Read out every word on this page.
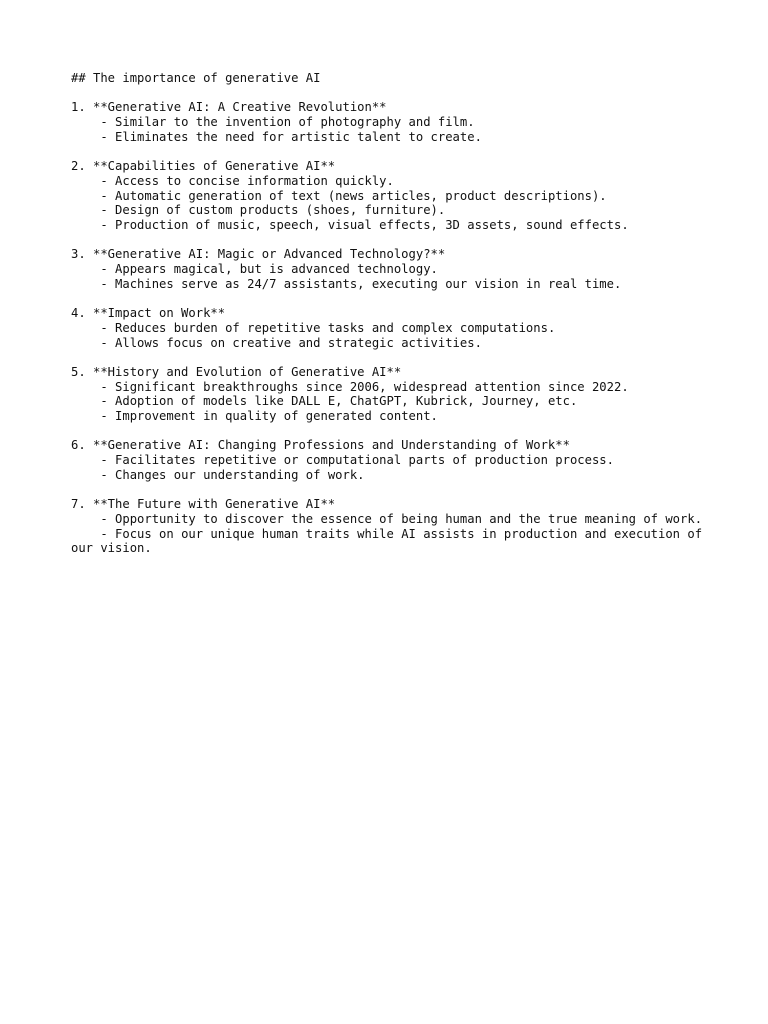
## The importance of generative AI
1. **Generative AI: A Creative Revolution**
- Similar to the invention of photography and film.
- Eliminates the need for artistic talent to create.
2. **Capabilities of Generative AI**
- Access to concise information quickly.
- Automatic generation of text (news articles, product descriptions).
- Design of custom products (shoes, furniture).
- Production of music, speech, visual effects, 3D assets, sound effects.
3. **Generative AI: Magic or Advanced Technology?**
- Appears magical, but is advanced technology.
- Machines serve as 24/7 assistants, executing our vision in real time.
4. **Impact on Work**
- Reduces burden of repetitive tasks and complex computations.
- Allows focus on creative and strategic activities.
5. **History and Evolution of Generative AI**
- Significant breakthroughs since 2006, widespread attention since 2022.
- Adoption of models like DALL E, ChatGPT, Kubrick, Journey, etc.
- Improvement in quality of generated content.
6. **Generative AI: Changing Professions and Understanding of Work**
- Facilitates repetitive or computational parts of production process.
- Changes our understanding of work.
7. **The Future with Generative AI**
- Opportunity to discover the essence of being human and the true meaning of work.
- Focus on our unique human traits while AI assists in production and execution of our vision.
